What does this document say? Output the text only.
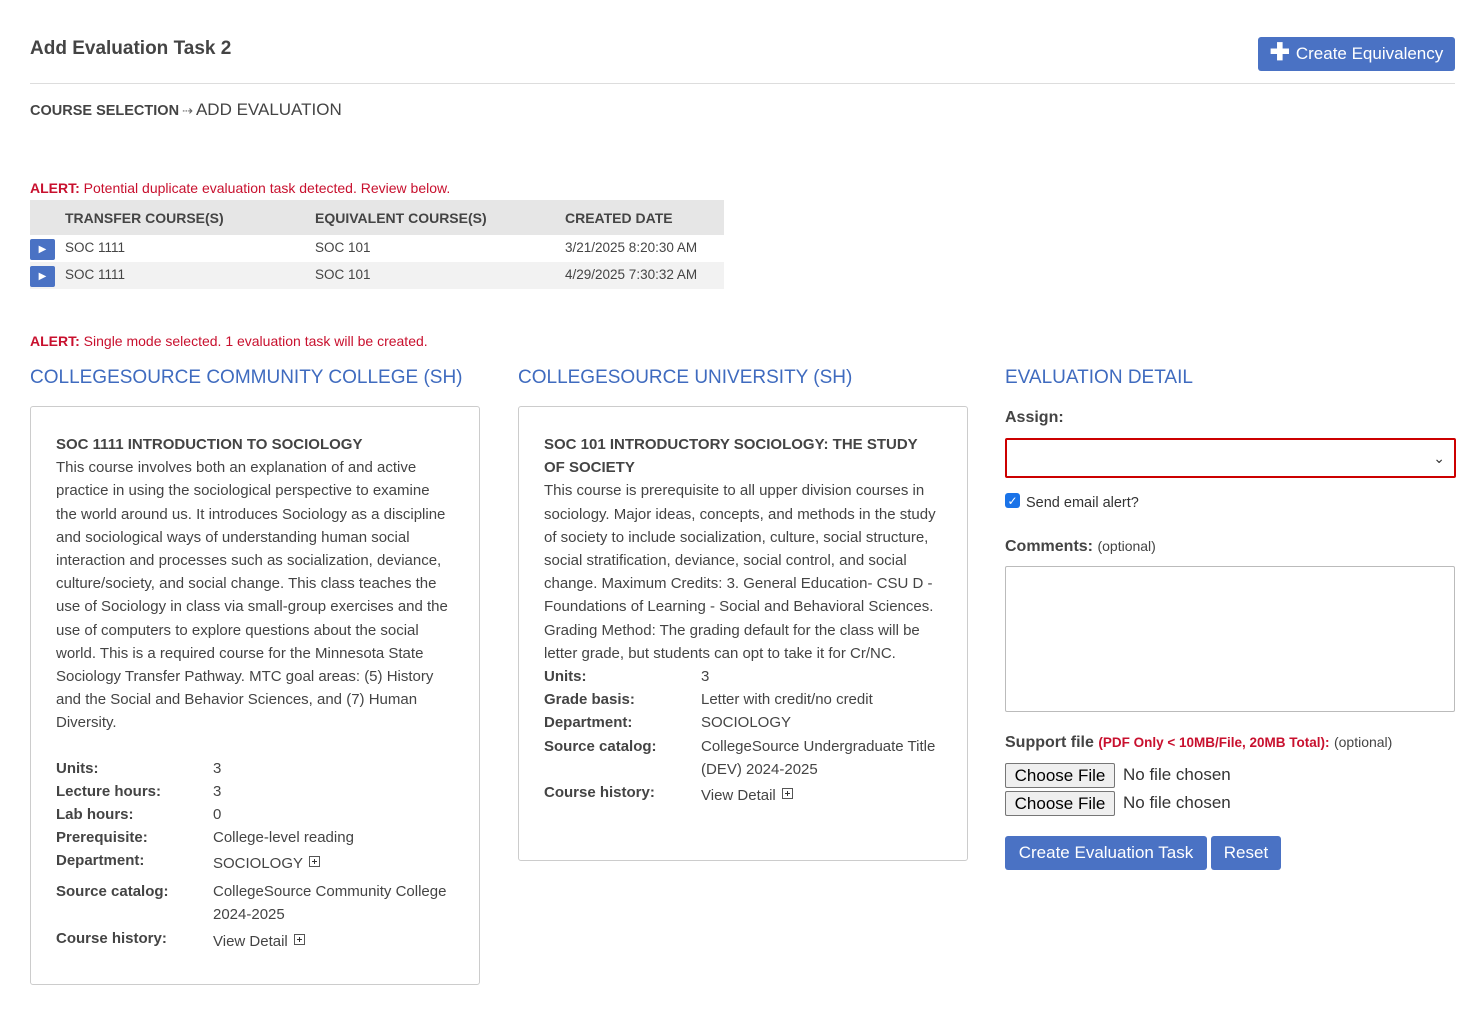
Add Evaluation Task 2	✚ Create Equivalency
COURSE SELECTION ⇢ ADD EVALUATION
ALERT: Potential duplicate evaluation task detected. Review below.
	TRANSFER COURSE(S)	EQUIVALENT COURSE(S)	CREATED DATE

▶	SOC 1111	SOC 101	3/21/2025 8:20:30 AM

▶	SOC 1111	SOC 101	4/29/2025 7:30:32 AM
ALERT: Single mode selected. 1 evaluation task will be created.
COLLEGESOURCE COMMUNITY COLLEGE (SH)	COLLEGESOURCE UNIVERSITY (SH)	EVALUATION DETAIL
SOC 1111 INTRODUCTION TO SOCIOLOGY
This course involves both an explanation of and active practice in using the sociological perspective to examine the world around us. It introduces Sociology as a discipline and sociological ways of understanding human social interaction and processes such as socialization, deviance, culture/society, and social change. This class teaches the use of Sociology in class via small-group exercises and the use of computers to explore questions about the social world. This is a required course for the Minnesota State Sociology Transfer Pathway. MTC goal areas: (5) History and the Social and Behavior Sciences, and (7) Human Diversity.
Units:	3
Lecture hours:	3
Lab hours:	0
Prerequisite:	College-level reading
Department:	SOCIOLOGY
Source catalog:	CollegeSource Community College 2024-2025
Course history:	View Detail
SOC 101 INTRODUCTORY SOCIOLOGY: THE STUDY OF SOCIETY
This course is prerequisite to all upper division courses in sociology. Major ideas, concepts, and methods in the study of society to include socialization, culture, social structure, social stratification, deviance, social control, and social change. Maximum Credits: 3. General Education- CSU D - Foundations of Learning - Social and Behavioral Sciences. Grading Method: The grading default for the class will be letter grade, but students can opt to take it for Cr/NC.
Units:	3
Grade basis:	Letter with credit/no credit
Department:	SOCIOLOGY
Source catalog:	CollegeSource Undergraduate Title (DEV) 2024-2025
Course history:	View Detail
Assign:
⌄
✓ Send email alert?
Comments: (optional)
Support file (PDF Only < 10MB/File, 20MB Total): (optional)
Choose File	No file chosen
Choose File	No file chosen
Create Evaluation Task	Reset
